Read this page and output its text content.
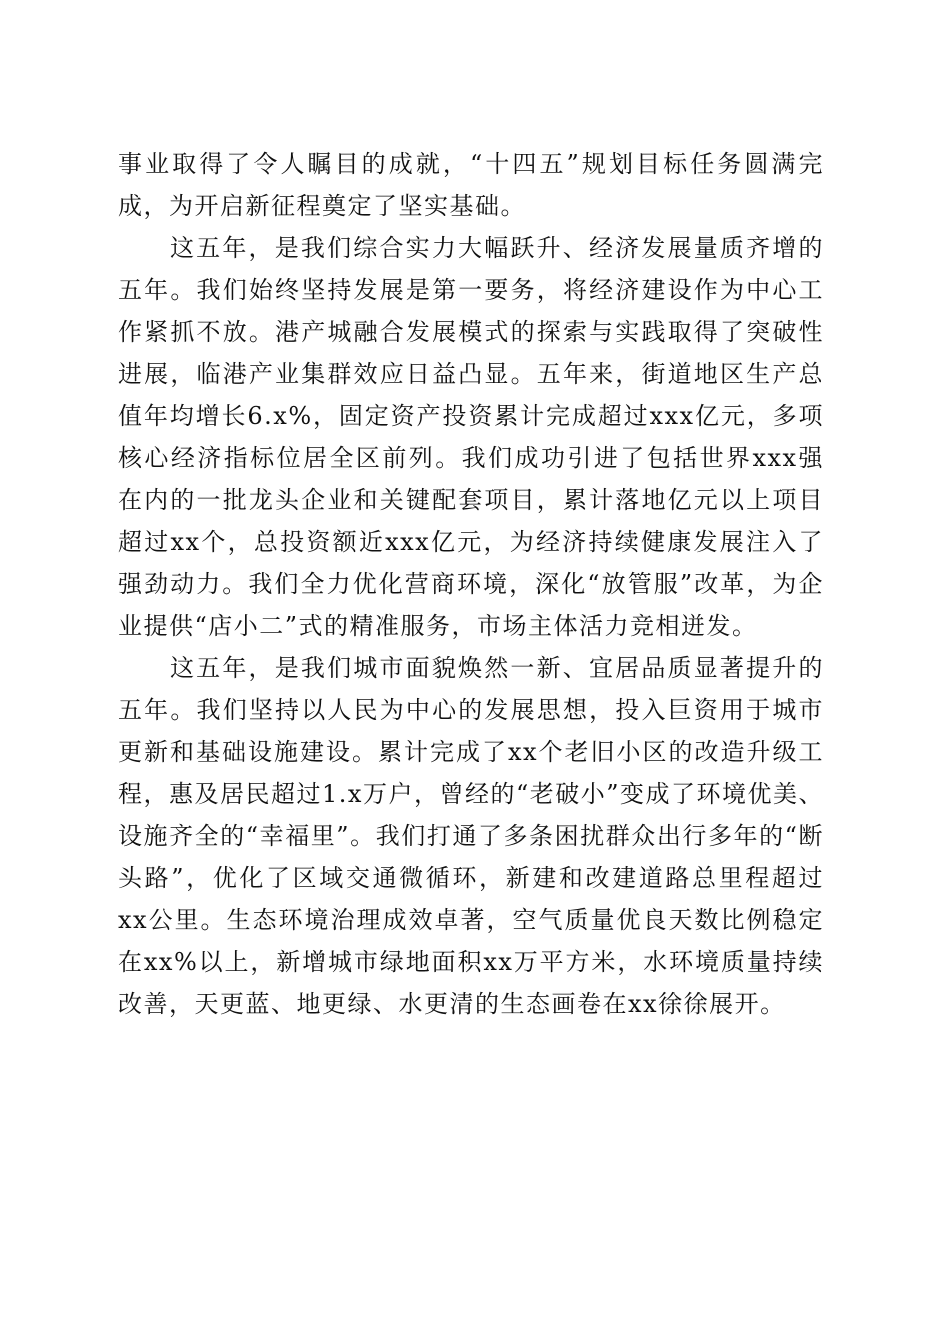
事业取得了令人瞩目的成就，“十四五”规划目标任务圆满完成，为开启新征程奠定了坚实基础。

这五年，是我们综合实力大幅跃升、经济发展量质齐增的五年。我们始终坚持发展是第一要务，将经济建设作为中心工作紧抓不放。港产城融合发展模式的探索与实践取得了突破性进展，临港产业集群效应日益凸显。五年来，街道地区生产总值年均增长6.x%，固定资产投资累计完成超过xxx亿元，多项核心经济指标位居全区前列。我们成功引进了包括世界xxx强在内的一批龙头企业和关键配套项目，累计落地亿元以上项目超过xx个，总投资额近xxx亿元，为经济持续健康发展注入了强劲动力。我们全力优化营商环境，深化“放管服”改革，为企业提供“店小二”式的精准服务，市场主体活力竞相迸发。

这五年，是我们城市面貌焕然一新、宜居品质显著提升的五年。我们坚持以人民为中心的发展思想，投入巨资用于城市更新和基础设施建设。累计完成了xx个老旧小区的改造升级工程，惠及居民超过1.x万户，曾经的“老破小”变成了环境优美、设施齐全的“幸福里”。我们打通了多条困扰群众出行多年的“断头路”，优化了区域交通微循环，新建和改建道路总里程超过xx公里。生态环境治理成效卓著，空气质量优良天数比例稳定在xx%以上，新增城市绿地面积xx万平方米，水环境质量持续改善，天更蓝、地更绿、水更清的生态画卷在xx徐徐展开。
